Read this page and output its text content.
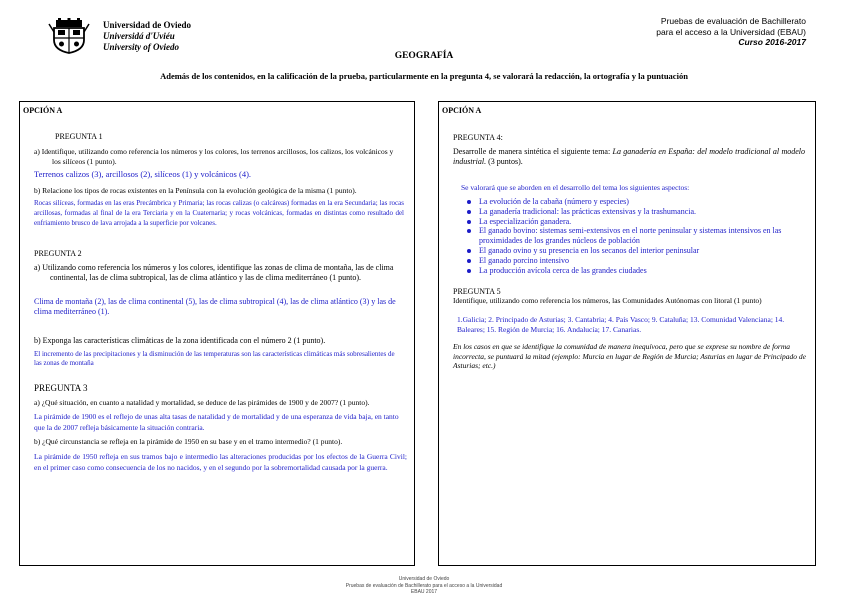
Universidad de Oviedo
Universidá d'Uviéu
University of Oviedo
Pruebas de evaluación de Bachillerato
para el acceso a la Universidad (EBAU)
Curso 2016-2017
GEOGRAFÍA
Además de los contenidos, en la calificación de la prueba, particularmente en la pregunta 4, se valorará la redacción, la ortografía y la puntuación
OPCIÓN A
PREGUNTA 1
a) Identifique, utilizando como referencia los números y los colores, los terrenos arcillosos, los calizos, los volcánicos y los silíceos (1 punto).
Terrenos calizos (3), arcillosos (2), silíceos (1) y volcánicos (4).
b) Relacione los tipos de rocas existentes en la Península con la evolución geológica de la misma (1 punto).
Rocas silíceas, formadas en las eras Precámbrica y Primaria; las rocas calizas (o calcáreas) formadas en la era Secundaria; las rocas arcillosas, formadas al final de la era Terciaria y en la Cuaternaria; y rocas volcánicas, formadas en distintas como resultado del enfriamiento brusco de lava arrojada a la superficie por volcanes.
PREGUNTA 2
a) Utilizando como referencia los números y los colores, identifique las zonas de clima de montaña, las de clima continental, las de clima subtropical, las de clima atlántico y las de clima mediterráneo (1 punto).
Clima de montaña (2), las de clima continental (5), las de clima subtropical (4), las de clima atlántico (3) y las de clima mediterráneo (1).
b) Exponga las características climáticas de la zona identificada con el número 2 (1 punto).
El incremento de las precipitaciones y la disminución de las temperaturas son las características climáticas más sobresalientes de las zonas de montaña
PREGUNTA 3
a) ¿Qué situación, en cuanto a natalidad y mortalidad, se deduce de las pirámides de 1900 y de 2007? (1 punto).
La pirámide de 1900 es el reflejo de unas alta tasas de natalidad y de mortalidad y de una esperanza de vida baja, en tanto que la de 2007 refleja básicamente la situación contraria.
b) ¿Qué circunstancia se refleja en la pirámide de 1950 en su base y en el tramo intermedio? (1 punto).
La pirámide de 1950 refleja en sus tramos bajo e intermedio las alteraciones producidas por los efectos de la Guerra Civil; en el primer caso como consecuencia de los no nacidos, y en el segundo por la sobremortalidad causada por la guerra.
OPCIÓN A
PREGUNTA 4:
Desarrolle de manera sintética el siguiente tema: La ganadería en España: del modelo tradicional al modelo industrial. (3 puntos).
Se valorará que se aborden en el desarrollo del tema los siguientes aspectos:
La evolución de la cabaña (número y especies)
La ganadería tradicional: las prácticas extensivas y la trashumancia.
La especialización ganadera.
El ganado bovino: sistemas semi-extensivos en el norte peninsular y sistemas intensivos en las proximidades de los grandes núcleos de población
El ganado ovino y su presencia en los secanos del interior peninsular
El ganado porcino intensivo
La producción avícola cerca de las grandes ciudades
PREGUNTA 5
Identifique, utilizando como referencia los números, las Comunidades Autónomas con litoral (1 punto)
1.Galicia; 2. Principado de Asturias; 3. Cantabria; 4. País Vasco; 9. Cataluña; 13. Comunidad Valenciana; 14. Baleares; 15. Región de Murcia; 16. Andalucía; 17. Canarias.
En los casos en que se identifique la comunidad de manera inequívoca, pero que se exprese su nombre de forma incorrecta, se puntuará la mitad (ejemplo: Murcia en lugar de Región de Murcia; Asturias en lugar de Principado de Asturias; etc.)
Universidad de Oviedo
Pruebas de evaluación de Bachillerato para el acceso a la Universidad
EBAU 2017
